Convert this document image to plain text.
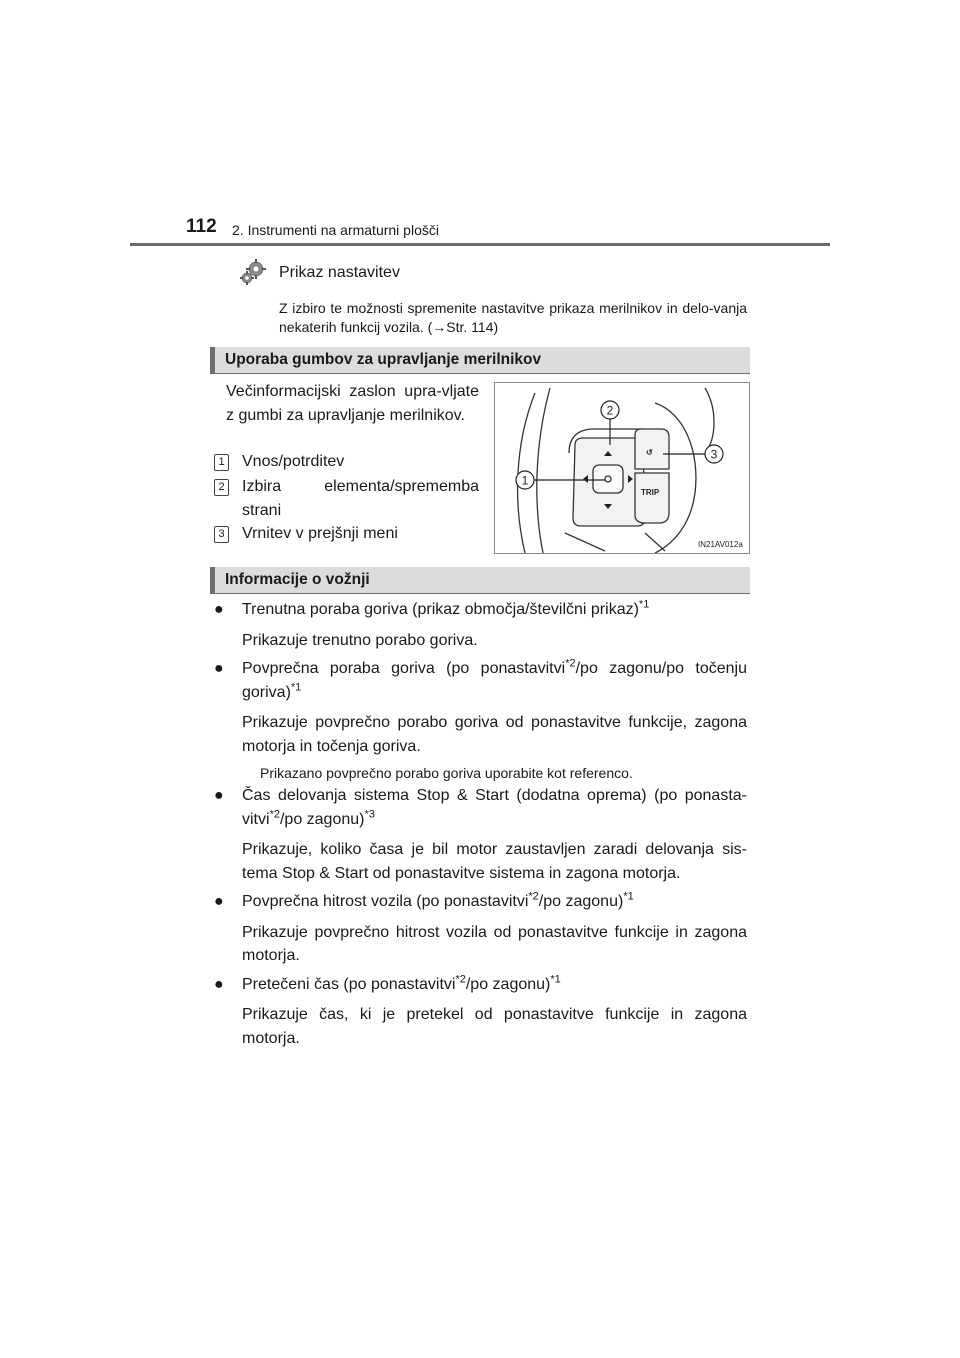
112 2. Instrumenti na armaturni plošči
Prikaz nastavitev
Z izbiro te možnosti spremenite nastavitve prikaza merilnikov in delo-vanja nekaterih funkcij vozila. (→Str. 114)
Uporaba gumbov za upravljanje merilnikov
Večinformacijski zaslon upra-vljate z gumbi za upravljanje merilnikov.
1 Vnos/potrditev
2 Izbira elementa/sprememba strani
3 Vrnitev v prejšnji meni
↺
TRIP
1
2
3
IN21AV012a
Informacije o vožnji
● Trenutna poraba goriva (prikaz območja/številčni prikaz)$^{*1}$
Prikazuje trenutno porabo goriva.
● Povprečna poraba goriva (po ponastavitvi$^{*2}$/po zagonu/po točenju goriva)$^{*1}$
Prikazuje povprečno porabo goriva od ponastavitve funkcije, zagona motorja in točenja goriva.
Prikazano povprečno porabo goriva uporabite kot referenco.
● Čas delovanja sistema Stop & Start (dodatna oprema) (po ponasta-vitvi$^{*2}$/po zagonu)$^{*3}$
Prikazuje, koliko časa je bil motor zaustavljen zaradi delovanja sis-tema Stop & Start od ponastavitve sistema in zagona motorja.
● Povprečna hitrost vozila (po ponastavitvi$^{*2}$/po zagonu)$^{*1}$
Prikazuje povprečno hitrost vozila od ponastavitve funkcije in zagona motorja.
● Pretečeni čas (po ponastavitvi$^{*2}$/po zagonu)$^{*1}$
Prikazuje čas, ki je pretekel od ponastavitve funkcije in zagona motorja.
